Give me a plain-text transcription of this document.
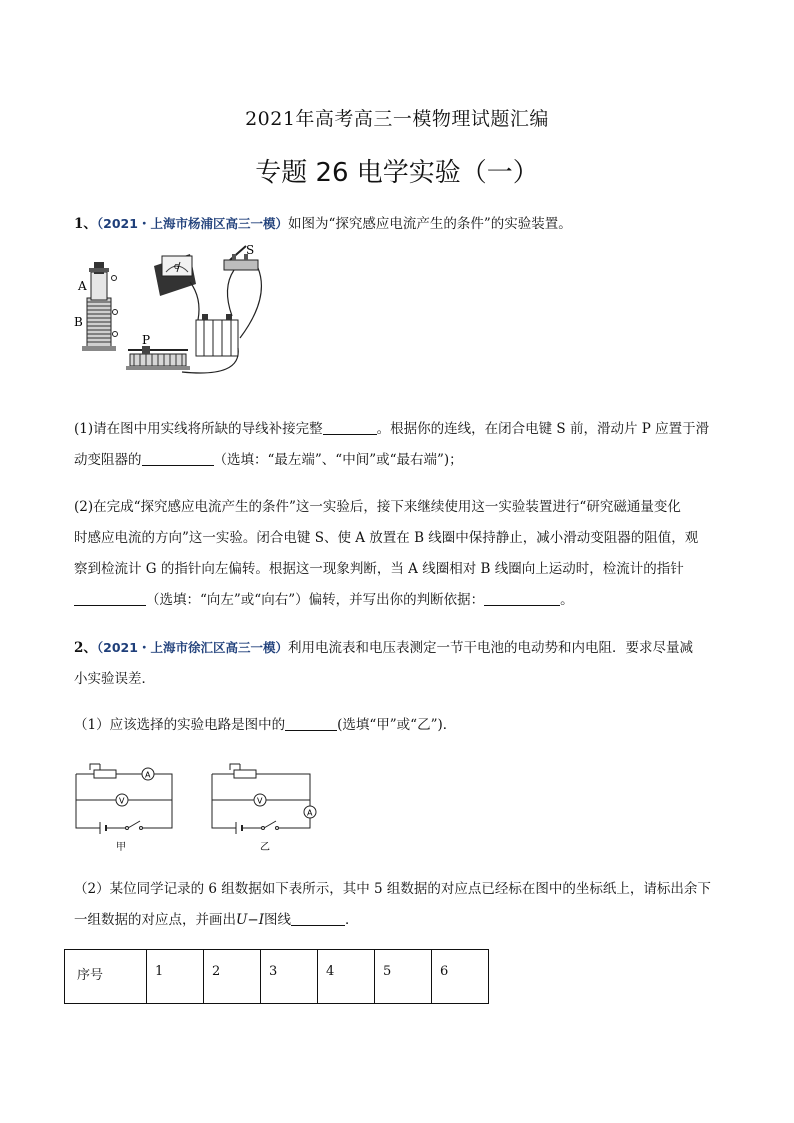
2021年高考高三一模物理试题汇编
专题 26 电学实验（一）
1、（2021・上海市杨浦区高三一模）如图为“探究感应电流产生的条件”的实验装置。
A
B
G
S
P
(1)请在图中用实线将所缺的导线补接完整	。根据你的连线，在闭合电键 S 前，滑动片 P 应置于滑
动变阻器的	（选填：“最左端”、“中间”或“最右端”)；
(2)在完成“探究感应电流产生的条件”这一实验后，接下来继续使用这一实验装置进行“研究磁通量变化
时感应电流的方向”这一实验。闭合电键 S、使 A 放置在 B 线圈中保持静止，减小滑动变阻器的阻值，观
察到检流计 G 的指针向左偏转。根据这一现象判断，当 A 线圈相对 B 线圈向上运动时，检流计的指针
（选填：“向左”或“向右”）偏转，并写出你的判断依据：	。
2、（2021・上海市徐汇区高三一模）利用电流表和电压表测定一节干电池的电动势和内电阻．要求尽量减
小实验误差．
（1）应该选择的实验电路是图中的	(选填“甲”或“乙”)．
A
V
甲
A
V
乙
（2）某位同学记录的 6 组数据如下表所示，其中 5 组数据的对应点已经标在图中的坐标纸上，请标出余下
一组数据的对应点，并画出U−I图线	．
序号	1	2	3	4	5	6
